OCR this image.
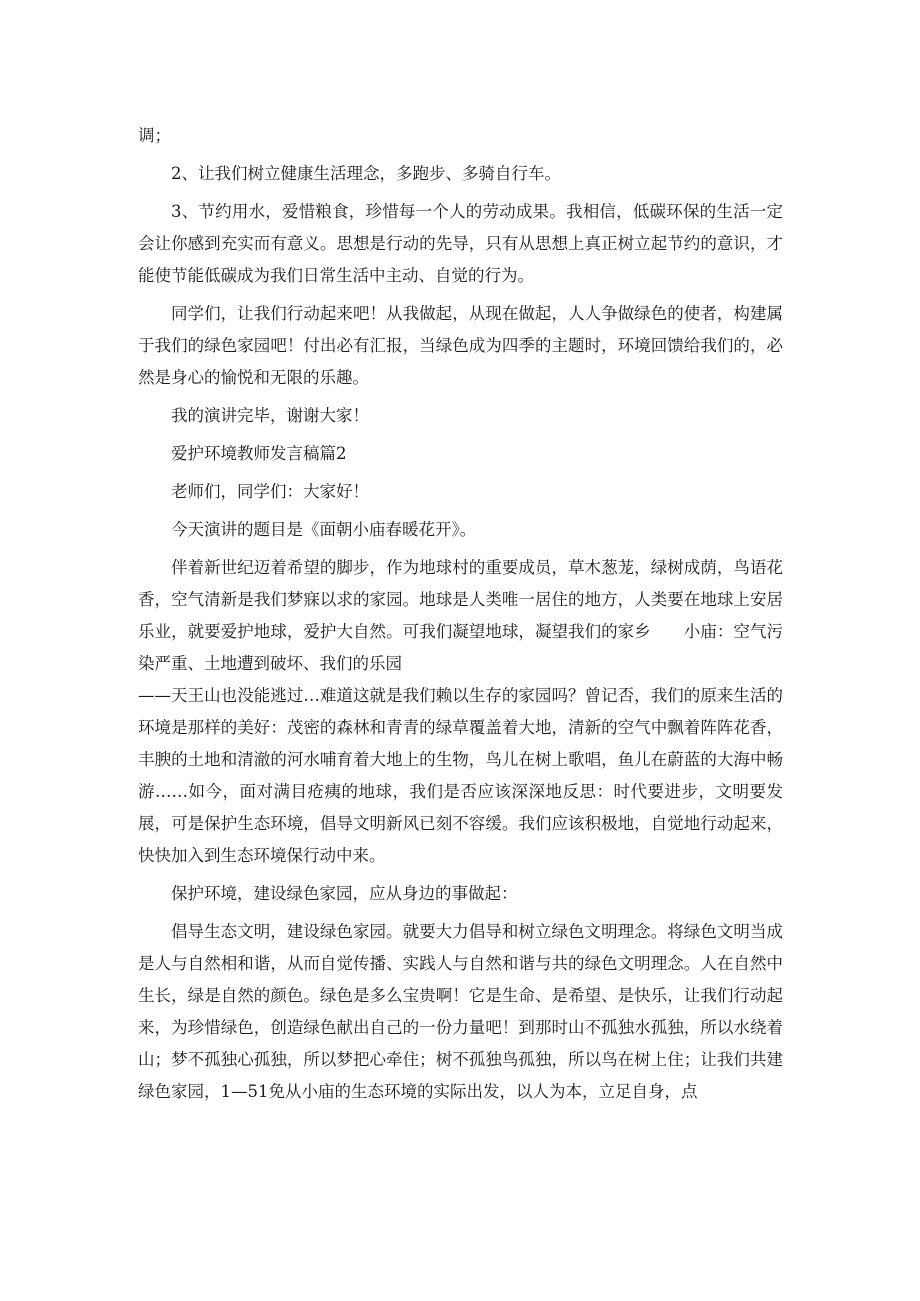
调；

2、让我们树立健康生活理念，多跑步、多骑自行车。

3、节约用水，爱惜粮食，珍惜每一个人的劳动成果。我相信，低碳环保的生活一定会让你感到充实而有意义。思想是行动的先导，只有从思想上真正树立起节约的意识，才能使节能低碳成为我们日常生活中主动、自觉的行为。

同学们，让我们行动起来吧！从我做起，从现在做起，人人争做绿色的使者，构建属于我们的绿色家园吧！付出必有汇报，当绿色成为四季的主题时，环境回馈给我们的，必然是身心的愉悦和无限的乐趣。

我的演讲完毕，谢谢大家！

爱护环境教师发言稿篇2

老师们，同学们：大家好！

今天演讲的题目是《面朝小庙春暖花开》。

伴着新世纪迈着希望的脚步，作为地球村的重要成员，草木葱茏，绿树成荫，鸟语花香，空气清新是我们梦寐以求的家园。地球是人类唯一居住的地方，人类要在地球上安居乐业，就要爱护地球，爱护大自然。可我们凝望地球，凝望我们的家乡　　小庙：空气污染严重、土地遭到破坏、我们的乐园

——天王山也没能逃过…难道这就是我们赖以生存的家园吗？曾记否，我们的原来生活的环境是那样的美好：茂密的森林和青青的绿草覆盖着大地，清新的空气中飘着阵阵花香，丰腴的土地和清澈的河水哺育着大地上的生物，鸟儿在树上歌唱，鱼儿在蔚蓝的大海中畅游……如今，面对满目疮痍的地球，我们是否应该深深地反思：时代要进步，文明要发展，可是保护生态环境，倡导文明新风已刻不容缓。我们应该积极地，自觉地行动起来，快快加入到生态环境保行动中来。

保护环境，建设绿色家园，应从身边的事做起：

倡导生态文明，建设绿色家园。就要大力倡导和树立绿色文明理念。将绿色文明当成是人与自然相和谐，从而自觉传播、实践人与自然和谐与共的绿色文明理念。人在自然中生长，绿是自然的颜色。绿色是多么宝贵啊！它是生命、是希望、是快乐，让我们行动起来，为珍惜绿色，创造绿色献出自己的一份力量吧！到那时山不孤独水孤独，所以水绕着山；梦不孤独心孤独，所以梦把心牵住；树不孤独鸟孤独，所以鸟在树上住；让我们共建绿色家园，1—51免从小庙的生态环境的实际出发，以人为本，立足自身，点
